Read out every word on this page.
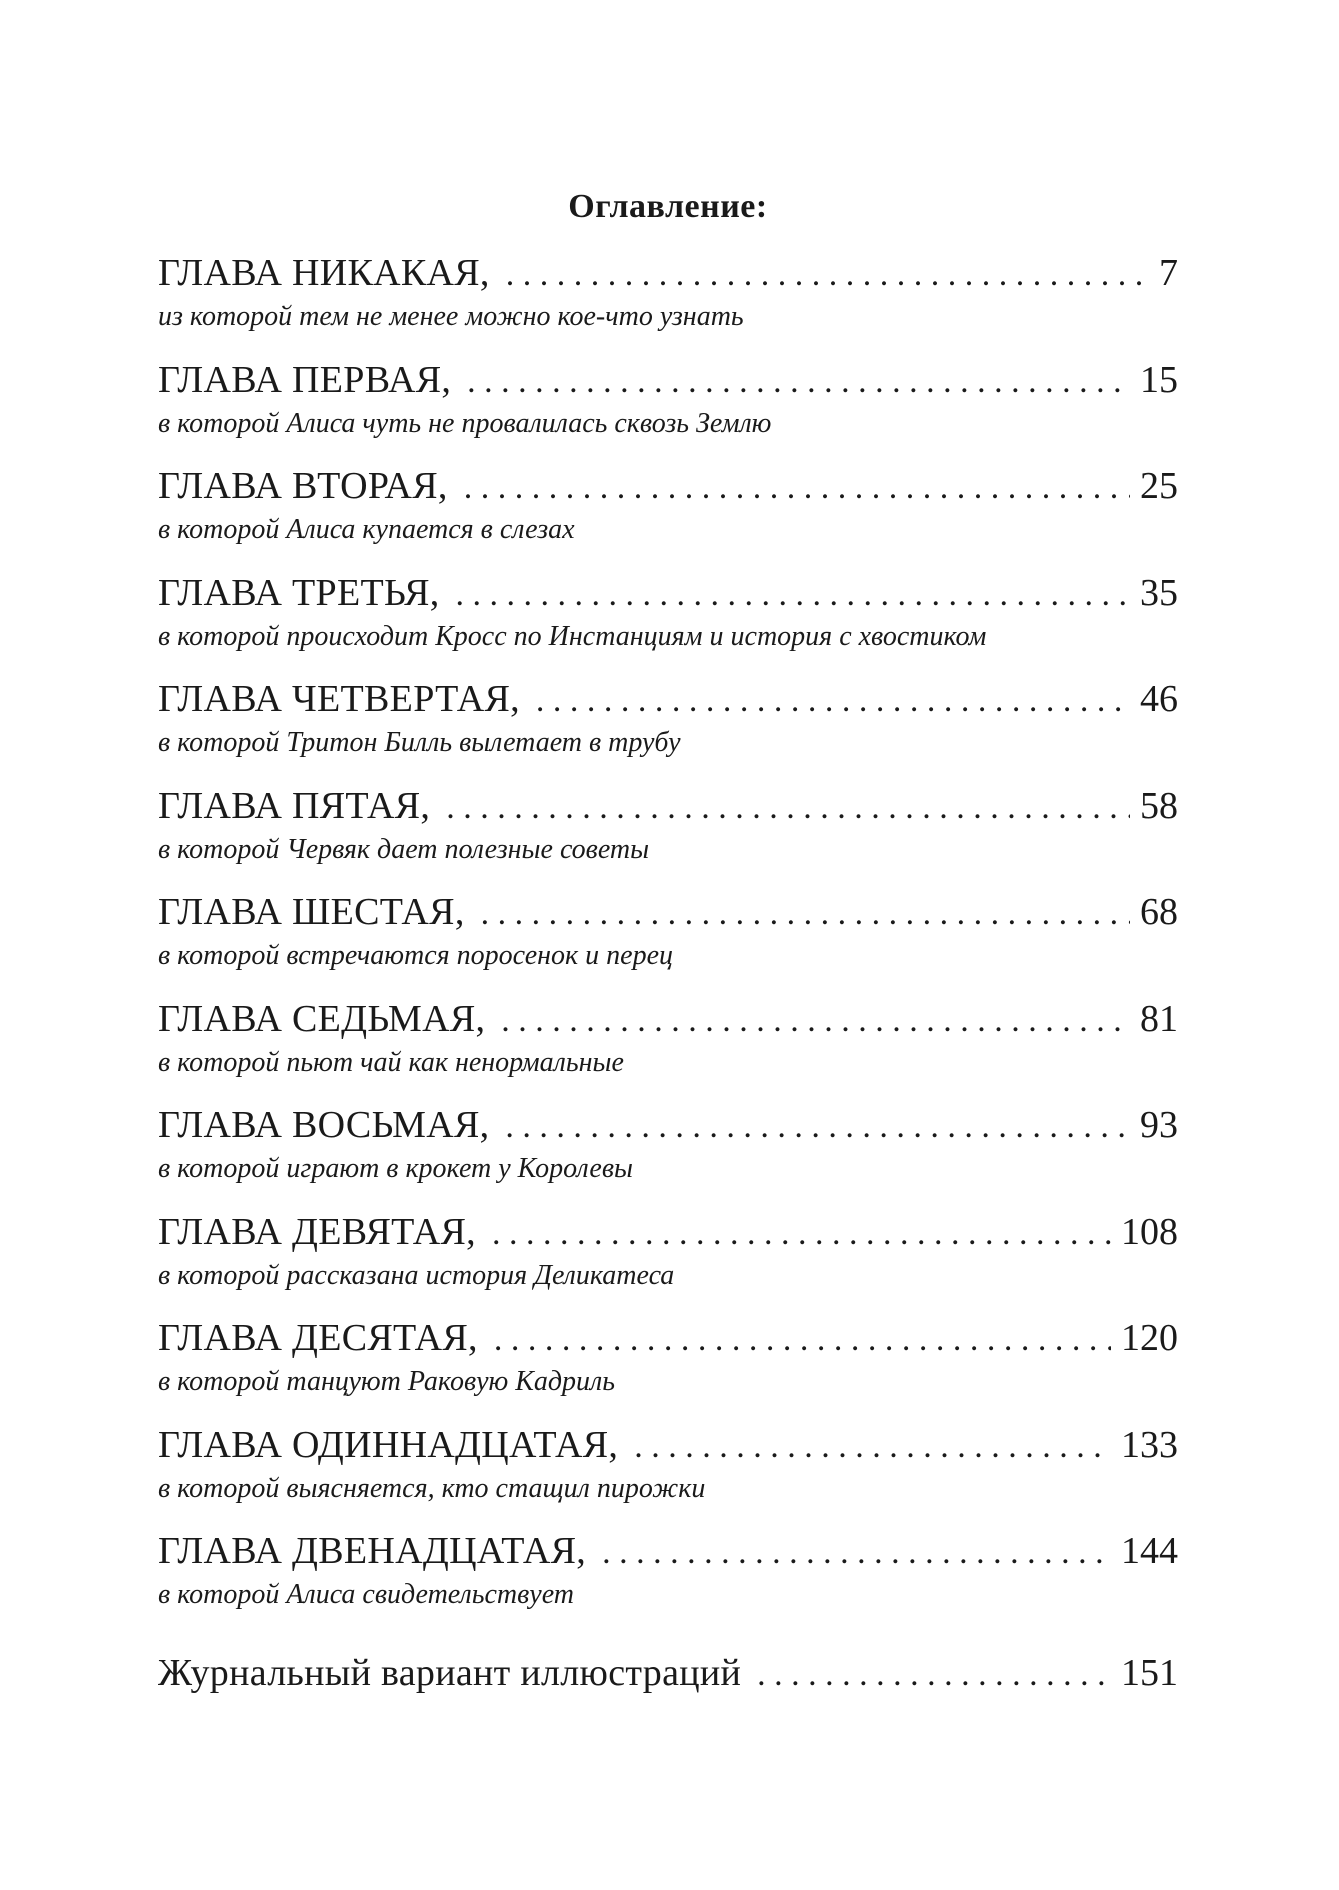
Оглавление:
ГЛАВА НИКАКАЯ, . . .	7
из которой тем не менее можно кое-что узнать
ГЛАВА ПЕРВАЯ, . . .	15
в которой Алиса чуть не провалилась сквозь Землю
ГЛАВА ВТОРАЯ, . . .	25
в которой Алиса купается в слезах
ГЛАВА ТРЕТЬЯ, . . .	35
в которой происходит Кросс по Инстанциям и история с хвостиком
ГЛАВА ЧЕТВЕРТАЯ, . . .	46
в которой Тритон Билль вылетает в трубу
ГЛАВА ПЯТАЯ, . . .	58
в которой Червяк дает полезные советы
ГЛАВА ШЕСТАЯ, . . .	68
в которой встречаются поросенок и перец
ГЛАВА СЕДЬМАЯ, . . .	81
в которой пьют чай как ненормальные
ГЛАВА ВОСЬМАЯ, . . .	93
в которой играют в крокет у Королевы
ГЛАВА ДЕВЯТАЯ, . . .	108
в которой рассказана история Деликатеса
ГЛАВА ДЕСЯТАЯ, . . .	120
в которой танцуют Раковую Кадриль
ГЛАВА ОДИННАДЦАТАЯ, . . .	133
в которой выясняется, кто стащил пирожки
ГЛАВА ДВЕНАДЦАТАЯ, . . .	144
в которой Алиса свидетельствует
Журнальный вариант иллюстраций . . .	151
